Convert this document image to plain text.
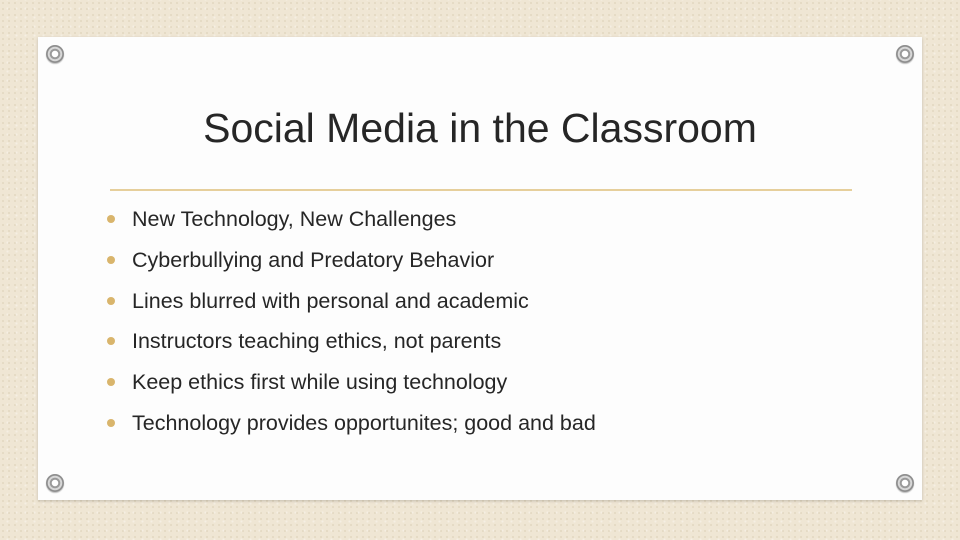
Social Media in the Classroom
New Technology, New Challenges
Cyberbullying and Predatory Behavior
Lines blurred with personal and academic
Instructors teaching ethics, not parents
Keep ethics first while using technology
Technology provides opportunites; good and bad
